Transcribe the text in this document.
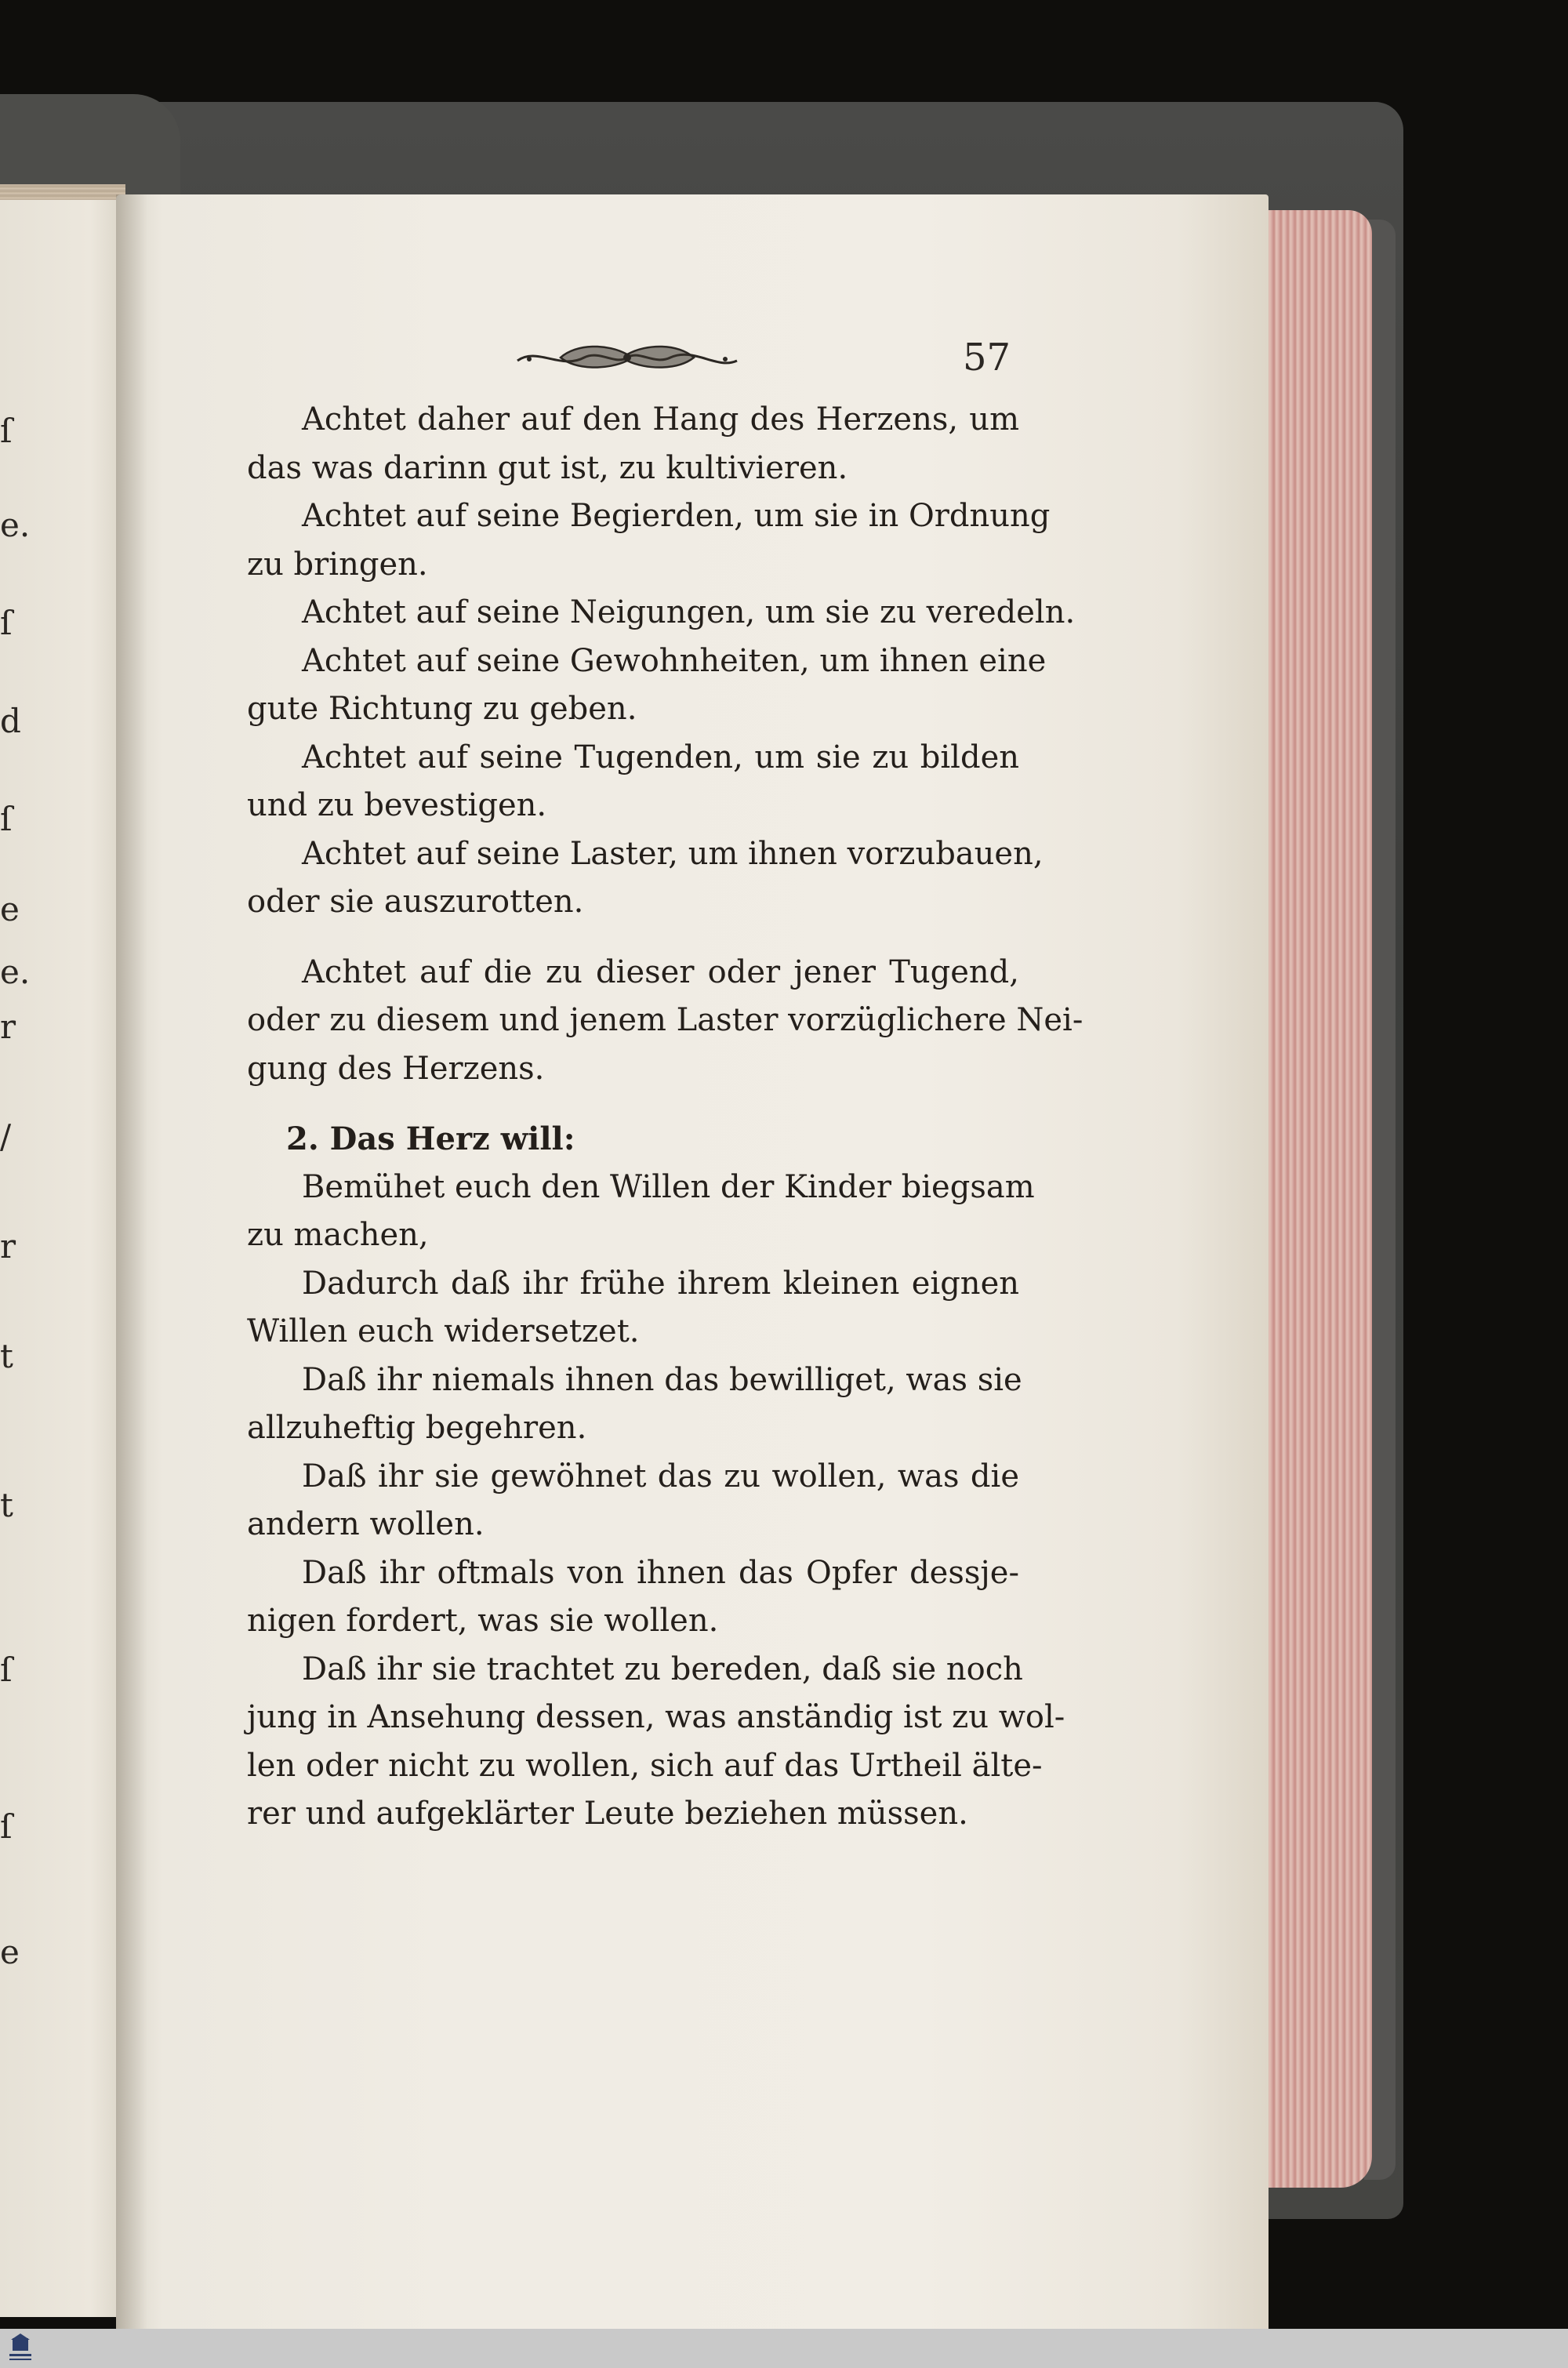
ſ
e.
ſ
d
ſ
e
e.
r
/
r
t
t
ſ
ſ
e
57

Achtet daher auf den Hang des Herzens, um
das was darinn gut ist, zu kultivieren.

Achtet auf seine Begierden, um sie in Ordnung
zu bringen.

Achtet auf seine Neigungen, um sie zu veredeln.

Achtet auf seine Gewohnheiten, um ihnen eine
gute Richtung zu geben.

Achtet auf seine Tugenden, um sie zu bilden
und zu bevestigen.

Achtet auf seine Laster, um ihnen vorzubauen,
oder sie auszurotten.

Achtet auf die zu dieser oder jener Tugend,
oder zu diesem und jenem Laster vorzüglichere Nei-
gung des Herzens.

2. Das Herz will:

Bemühet euch den Willen der Kinder biegsam
zu machen,

Dadurch daß ihr frühe ihrem kleinen eignen
Willen euch widersetzet.

Daß ihr niemals ihnen das bewilliget, was sie
allzuheftig begehren.

Daß ihr sie gewöhnet das zu wollen, was die
andern wollen.

Daß ihr oftmals von ihnen das Opfer dessje-
nigen fordert, was sie wollen.

Daß ihr sie trachtet zu bereden, daß sie noch
jung in Ansehung dessen, was anständig ist zu wol-
len oder nicht zu wollen, sich auf das Urtheil älte-
rer und aufgeklärter Leute beziehen müssen.
